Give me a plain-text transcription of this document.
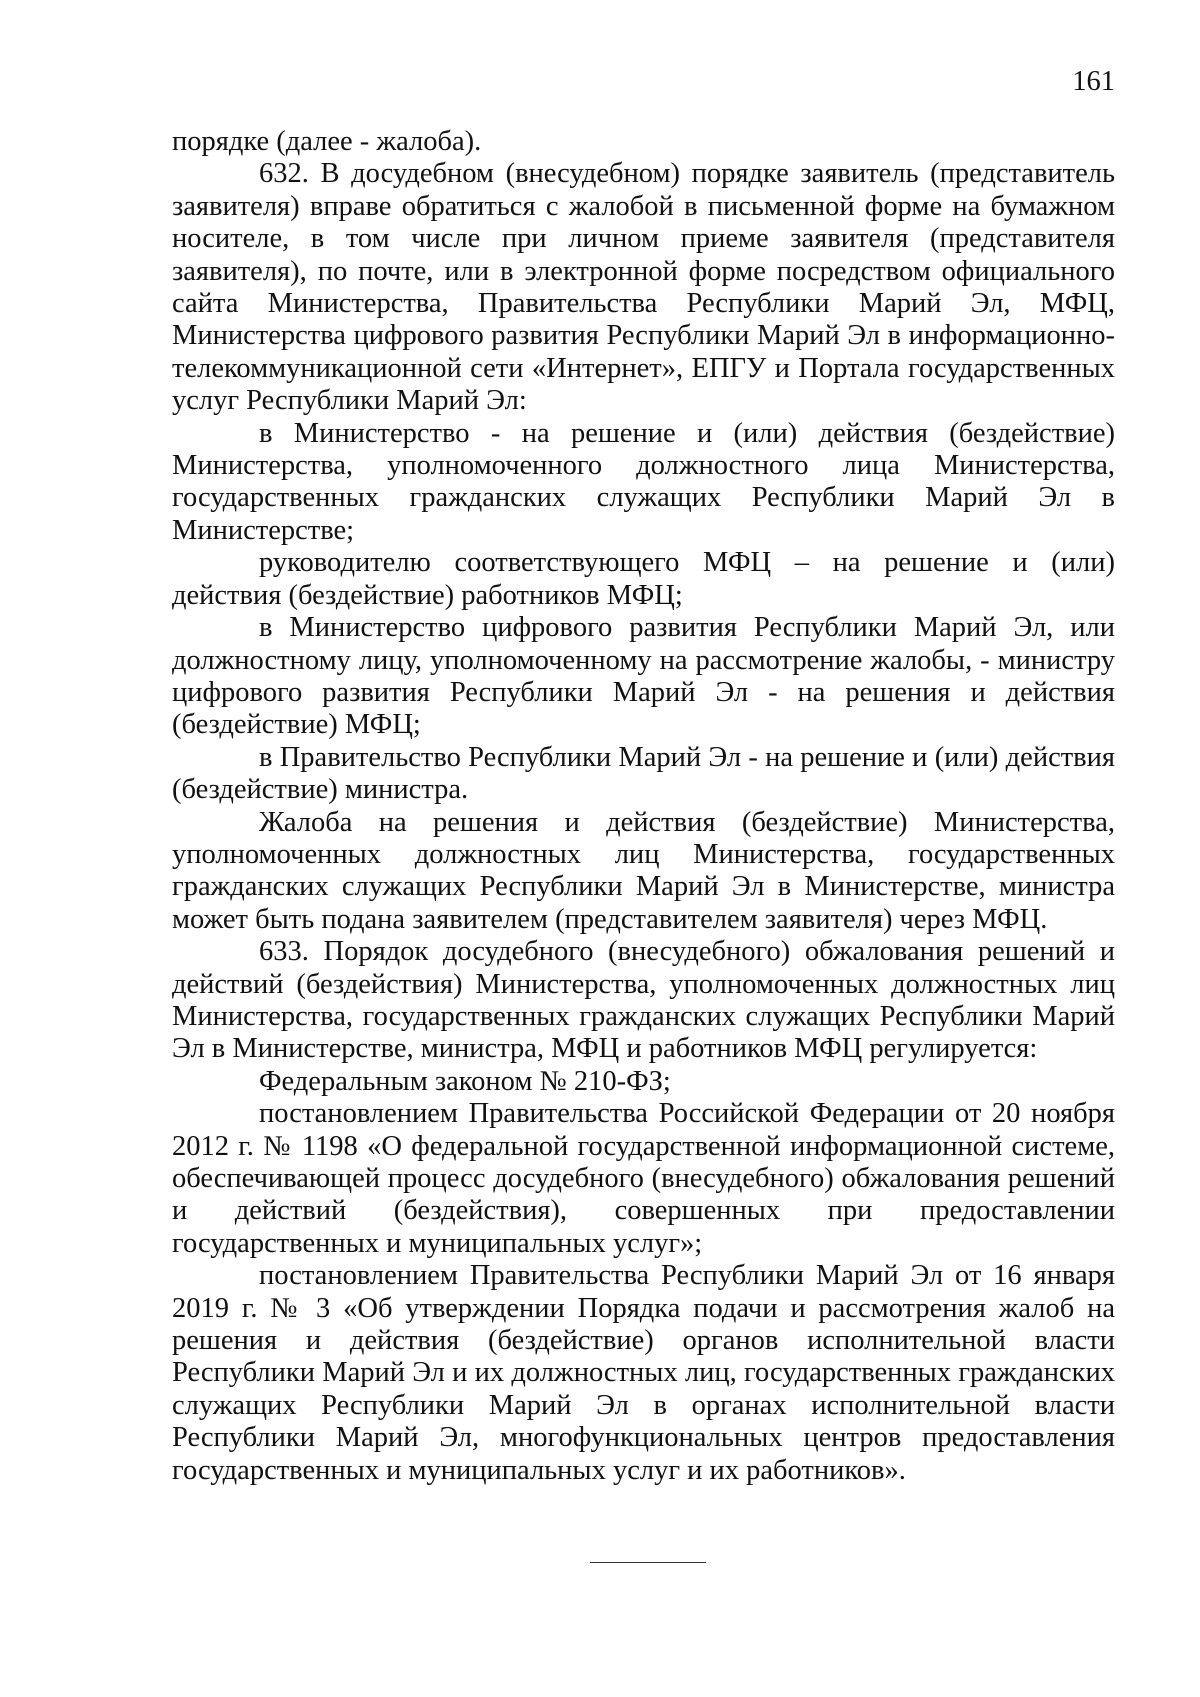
161

порядке (далее - жалоба).

632. В досудебном (внесудебном) порядке заявитель (представитель заявителя) вправе обратиться с жалобой в письменной форме на бумажном носителе, в том числе при личном приеме заявителя (представителя заявителя), по почте, или в электронной форме посредством официального сайта Министерства, Правительства Республики Марий Эл, МФЦ, Министерства цифрового развития Республики Марий Эл в информационно-телекоммуникационной сети «Интернет», ЕПГУ и Портала государственных услуг Республики Марий Эл:

в Министерство - на решение и (или) действия (бездействие) Министерства, уполномоченного должностного лица Министерства, государственных гражданских служащих Республики Марий Эл в Министерстве;

руководителю соответствующего МФЦ – на решение и (или) действия (бездействие) работников МФЦ;

в Министерство цифрового развития Республики Марий Эл, или должностному лицу, уполномоченному на рассмотрение жалобы, - министру цифрового развития Республики Марий Эл - на решения и действия (бездействие) МФЦ;

в Правительство Республики Марий Эл - на решение и (или) действия (бездействие) министра.

Жалоба на решения и действия (бездействие) Министерства, уполномоченных должностных лиц Министерства, государственных гражданских служащих Республики Марий Эл в Министерстве, министра может быть подана заявителем (представителем заявителя) через МФЦ.

633. Порядок досудебного (внесудебного) обжалования решений и действий (бездействия) Министерства, уполномоченных должностных лиц Министерства, государственных гражданских служащих Республики Марий Эл в Министерстве, министра, МФЦ и работников МФЦ регулируется:

Федеральным законом № 210-ФЗ;

постановлением Правительства Российской Федерации от 20 ноября 2012 г. № 1198 «О федеральной государственной информационной системе, обеспечивающей процесс досудебного (внесудебного) обжалования решений и действий (бездействия), совершенных при предоставлении государственных и муниципальных услуг»;

постановлением Правительства Республики Марий Эл от 16 января 2019 г. № 3 «Об утверждении Порядка подачи и рассмотрения жалоб на решения и действия (бездействие) органов исполнительной власти Республики Марий Эл и их должностных лиц, государственных гражданских служащих Республики Марий Эл в органах исполнительной власти Республики Марий Эл, многофункциональных центров предоставления государственных и муниципальных услуг и их работников».
